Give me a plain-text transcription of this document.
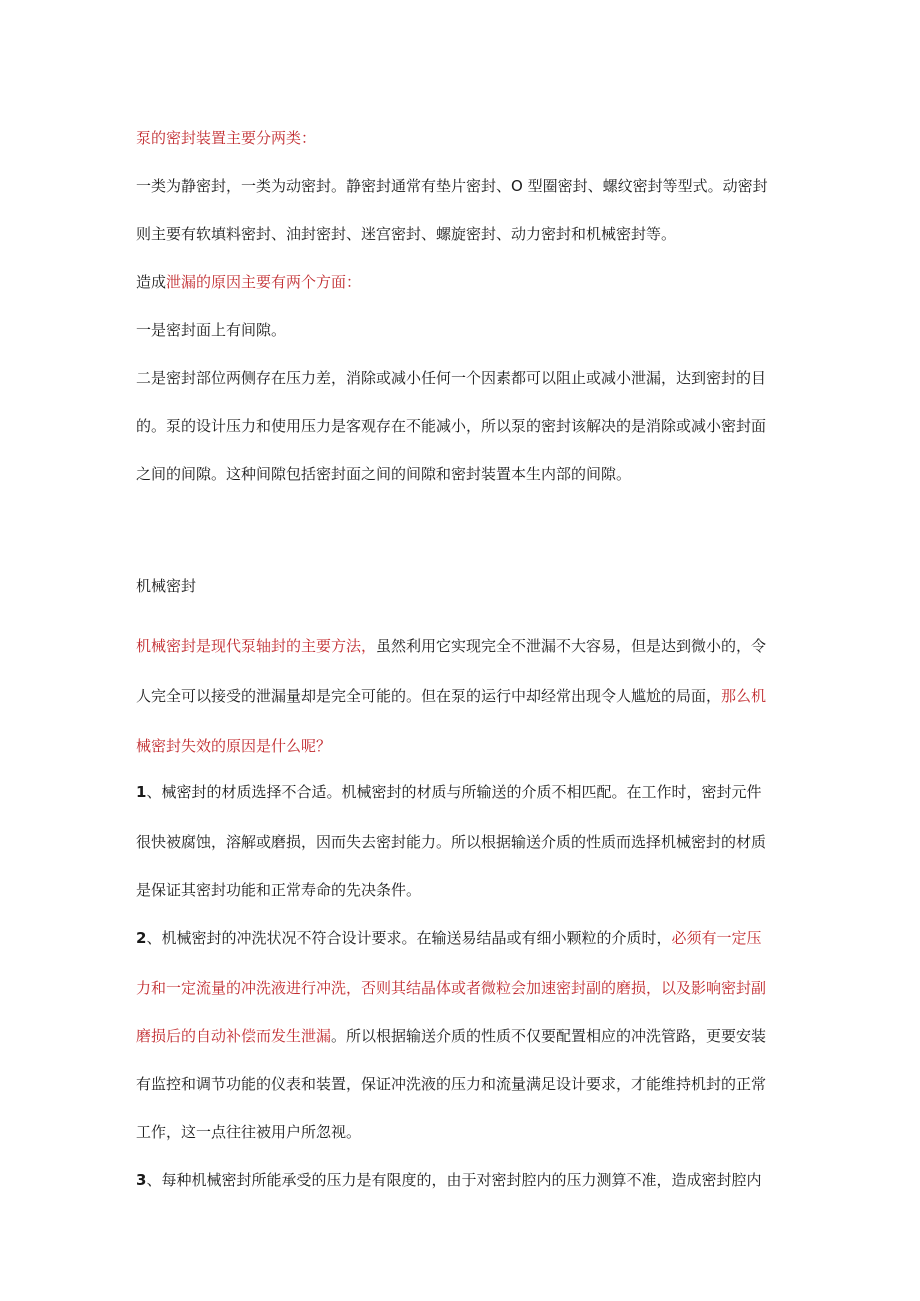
泵的密封装置主要分两类：
一类为静密封，一类为动密封。静密封通常有垫片密封、O 型圈密封、螺纹密封等型式。动密封
则主要有软填料密封、油封密封、迷宫密封、螺旋密封、动力密封和机械密封等。
造成泄漏的原因主要有两个方面：
一是密封面上有间隙。
二是密封部位两侧存在压力差，消除或减小任何一个因素都可以阻止或减小泄漏，达到密封的目
的。泵的设计压力和使用压力是客观存在不能减小，所以泵的密封该解决的是消除或减小密封面
之间的间隙。这种间隙包括密封面之间的间隙和密封装置本生内部的间隙。
机械密封
机械密封是现代泵轴封的主要方法，虽然利用它实现完全不泄漏不大容易，但是达到微小的，令
人完全可以接受的泄漏量却是完全可能的。但在泵的运行中却经常出现令人尴尬的局面，那么机
械密封失效的原因是什么呢？
1、械密封的材质选择不合适。机械密封的材质与所输送的介质不相匹配。在工作时，密封元件
很快被腐蚀，溶解或磨损，因而失去密封能力。所以根据输送介质的性质而选择机械密封的材质
是保证其密封功能和正常寿命的先决条件。
2、机械密封的冲洗状况不符合设计要求。在输送易结晶或有细小颗粒的介质时，必须有一定压
力和一定流量的冲洗液进行冲洗，否则其结晶体或者微粒会加速密封副的磨损，以及影响密封副
磨损后的自动补偿而发生泄漏。所以根据输送介质的性质不仅要配置相应的冲洗管路，更要安装
有监控和调节功能的仪表和装置，保证冲洗液的压力和流量满足设计要求，才能维持机封的正常
工作，这一点往往被用户所忽视。
3、每种机械密封所能承受的压力是有限度的，由于对密封腔内的压力测算不准，造成密封腔内
